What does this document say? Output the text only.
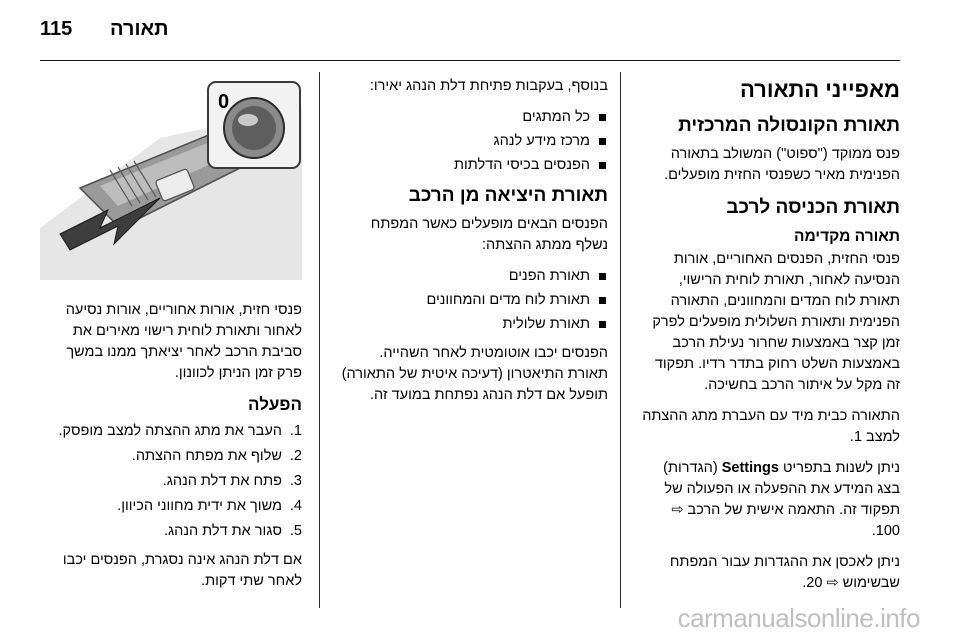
115 תאורה
מאפייני התאורה
תאורת הקונסולה המרכזית

פנס ממוקד ("ספוט") המשולב בתאורה הפנימית מאיר כשפנסי החזית מופעלים.

תאורת הכניסה לרכב
תאורה מקדימה

פנסי החזית, הפנסים האחוריים, אורות הנסיעה לאחור, תאורת לוחית הרישוי, תאורת לוח המדים והמחוונים, התאורה הפנימית ותאורת השלולית מופעלים לפרק זמן קצר באמצעות שחרור נעילת הרכב באמצעות השלט רחוק בתדר רדיו. תפקוד זה מקל על איתור הרכב בחשיכה.

התאורה כבית מיד עם העברת מתג ההצתה למצב 1.

ניתן לשנות בתפריט Settings (הגדרות) בצג המידע את ההפעלה או הפעולה של תפקוד זה. התאמה אישית של הרכב ⇨ 100.

ניתן לאכסן את ההגדרות עבור המפתח שבשימוש ⇨ 20.

בנוסף, בעקבות פתיחת דלת הנהג יאירו:

כל המתגים
מרכז מידע לנהג
הפנסים בכיסי הדלתות
תאורת היציאה מן הרכב

הפנסים הבאים מופעלים כאשר המפתח נשלף ממתג ההצתה:

תאורת הפנים
תאורת לוח מדים והמחוונים
תאורת שלולית

הפנסים יכבו אוטומטית לאחר השהייה. תאורת התיאטרון (דעיכה איטית של התאורה) תופעל אם דלת הנהג נפתחת במועד זה.

0

פנסי חזית, אורות אחוריים, אורות נסיעה לאחור ותאורת לוחית רישוי מאירים את סביבת הרכב לאחר יציאתך ממנו במשך פרק זמן הניתן לכוונון.

הפעלה
1. העבר את מתג ההצתה למצב מופסק.
2. שלוף את מפתח ההצתה.
3. פתח את דלת הנהג.
4. משוך את ידית מחווני הכיוון.
5. סגור את דלת הנהג.

אם דלת הנהג אינה נסגרת, הפנסים יכבו לאחר שתי דקות.

carmanualsonline.info
